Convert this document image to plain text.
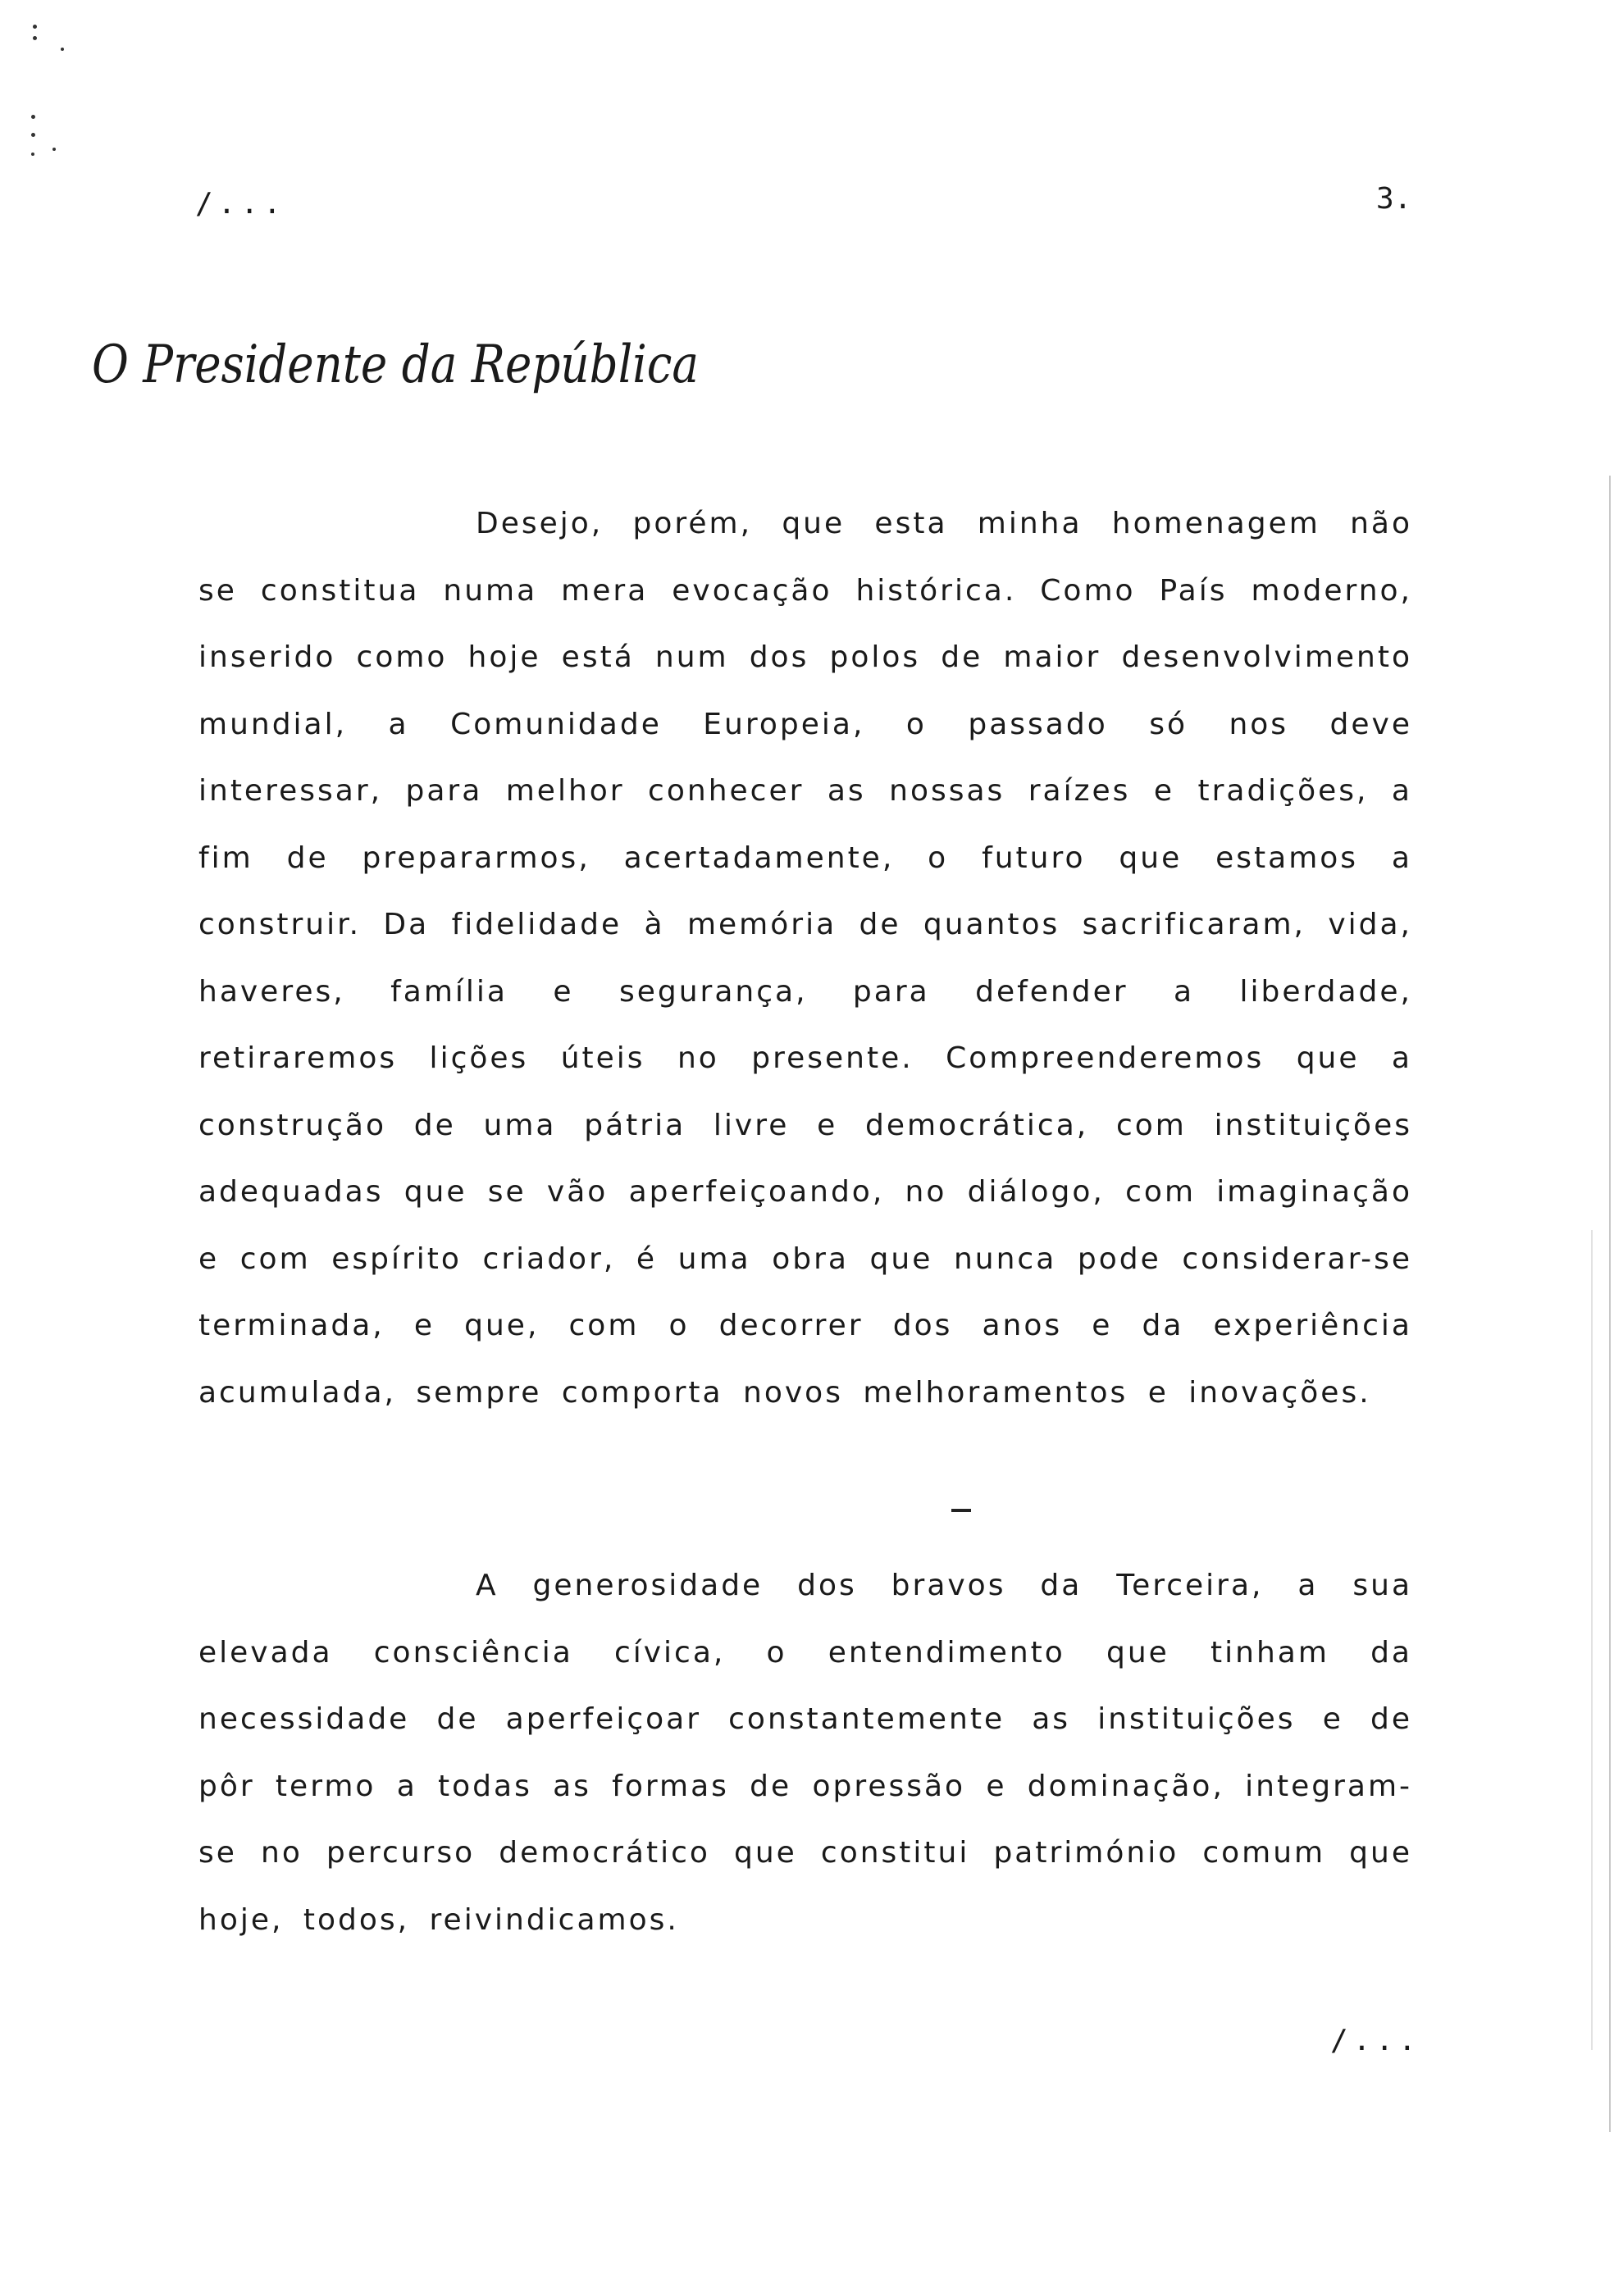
/...	3.
O Presidente da República

Desejo, porém, que esta minha homenagem não se constitua numa mera evocação histórica. Como País moderno, inserido como hoje está num dos polos de maior desenvolvimento mundial, a Comunidade Europeia, o passado só nos deve interessar, para melhor conhecer as nossas raízes e tradições, a fim de prepararmos, acertadamente, o futuro que estamos a construir. Da fidelidade à memória de quantos sacrificaram, vida, haveres, família e segurança, para defender a liberdade, retiraremos lições úteis no presente. Compreenderemos que a construção de uma pátria livre e democrática, com instituições adequadas que se vão aperfeiçoando, no diálogo, com imaginação e com espírito criador, é uma obra que nunca pode considerar-se terminada, e que, com o decorrer dos anos e da experiência acumulada, sempre comporta novos melhoramentos e inovações.

A generosidade dos bravos da Terceira, a sua elevada consciência cívica, o entendimento que tinham da necessidade de aperfeiçoar constantemente as instituições e de pôr termo a todas as formas de opressão e dominação, integram-se no percurso democrático que constitui património comum que hoje, todos, reivindicamos.

/...
